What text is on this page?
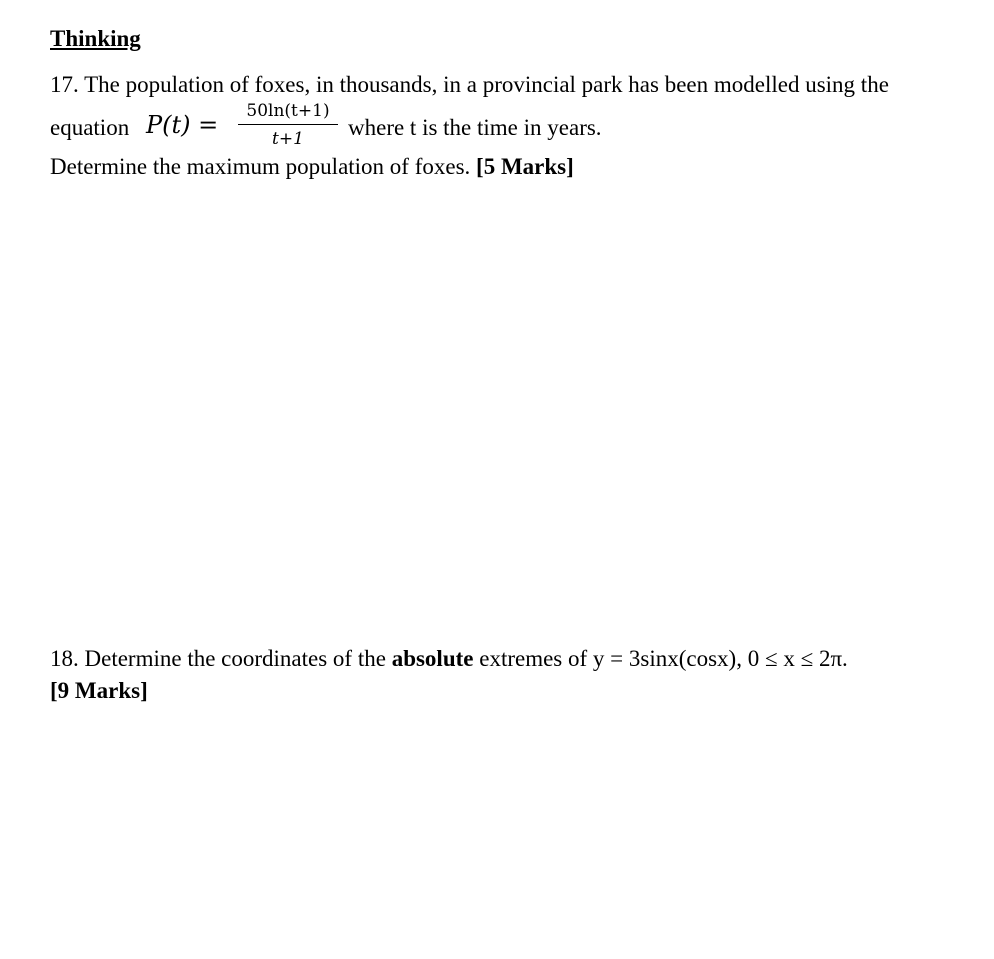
Thinking
17. The population of foxes, in thousands, in a provincial park has been modelled using the
equation $P(t) = \frac{50\ln(t+1)}{t+1}$ where t is the time in years.
Determine the maximum population of foxes. [5 Marks]
18. Determine the coordinates of the absolute extremes of y = 3sinx(cosx), 0 ≤ x ≤ 2π.
[9 Marks]
